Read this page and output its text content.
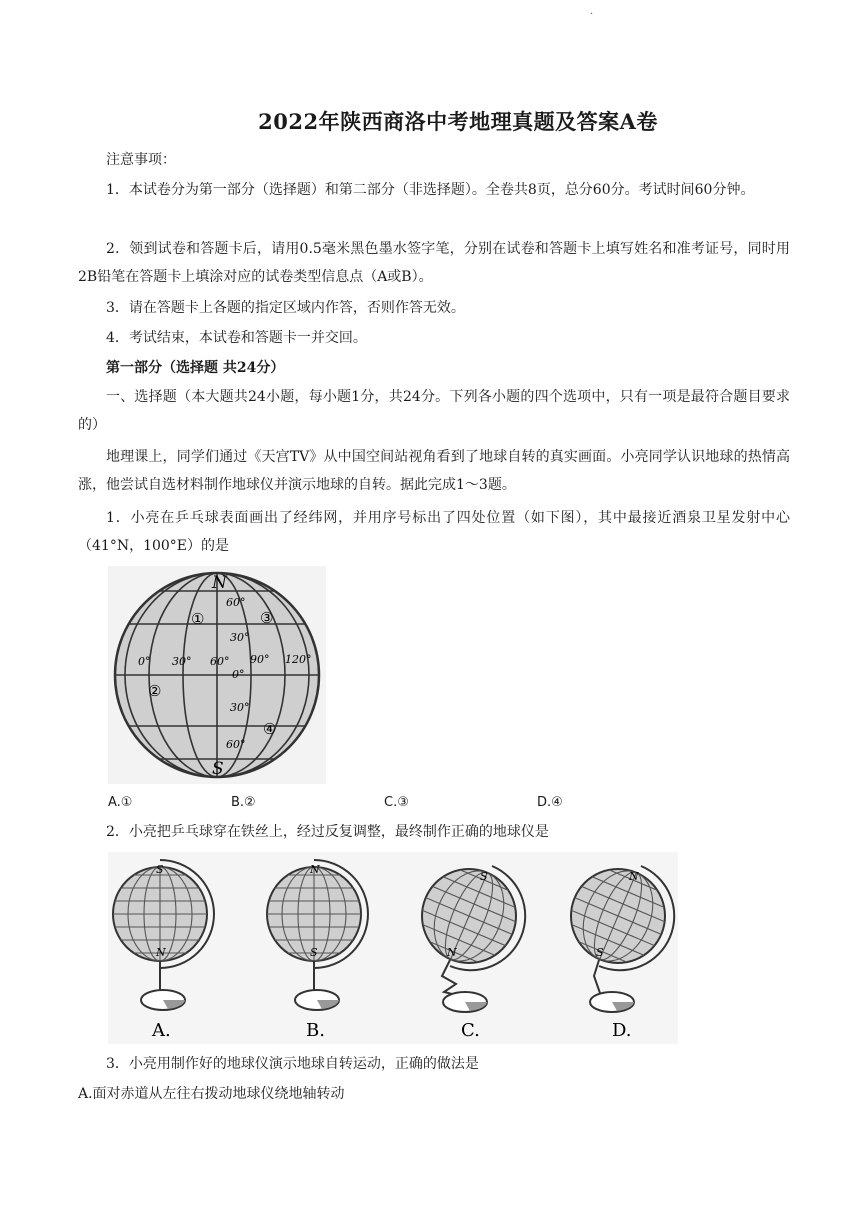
.
2022年陕西商洛中考地理真题及答案A卷
注意事项：
1．本试卷分为第一部分（选择题）和第二部分（非选择题）。全卷共8页，总分60分。考试时间60分钟。
2．领到试卷和答题卡后，请用0.5毫米黑色墨水签字笔，分别在试卷和答题卡上填写姓名和准考证号，同时用2B铅笔在答题卡上填涂对应的试卷类型信息点（A或B）。
3．请在答题卡上各题的指定区域内作答，否则作答无效。
4．考试结束，本试卷和答题卡一并交回。
第一部分（选择题 共24分）
一、选择题（本大题共24小题，每小题1分，共24分。下列各小题的四个选项中，只有一项是最符合题目要求的）
地理课上，同学们通过《天宫TV》从中国空间站视角看到了地球自转的真实画面。小亮同学认识地球的热情高涨，他尝试自选材料制作地球仪并演示地球的自转。据此完成1～3题。
1．小亮在乒乓球表面画出了经纬网，并用序号标出了四处位置（如下图），其中最接近酒泉卫星发射中心（41°N，100°E）的是
N
S
0° 30° 60° 90° 120°
60°
30°
0°
30°
60°
①
②
③
④
A.①	B.②	C.③	D.④
2．小亮把乒乓球穿在铁丝上，经过反复调整，最终制作正确的地球仪是
S
N
A.
N
S
B.
S
N
C.
N
S
D.
3．小亮用制作好的地球仪演示地球自转运动，正确的做法是
A.面对赤道从左往右拨动地球仪绕地轴转动
